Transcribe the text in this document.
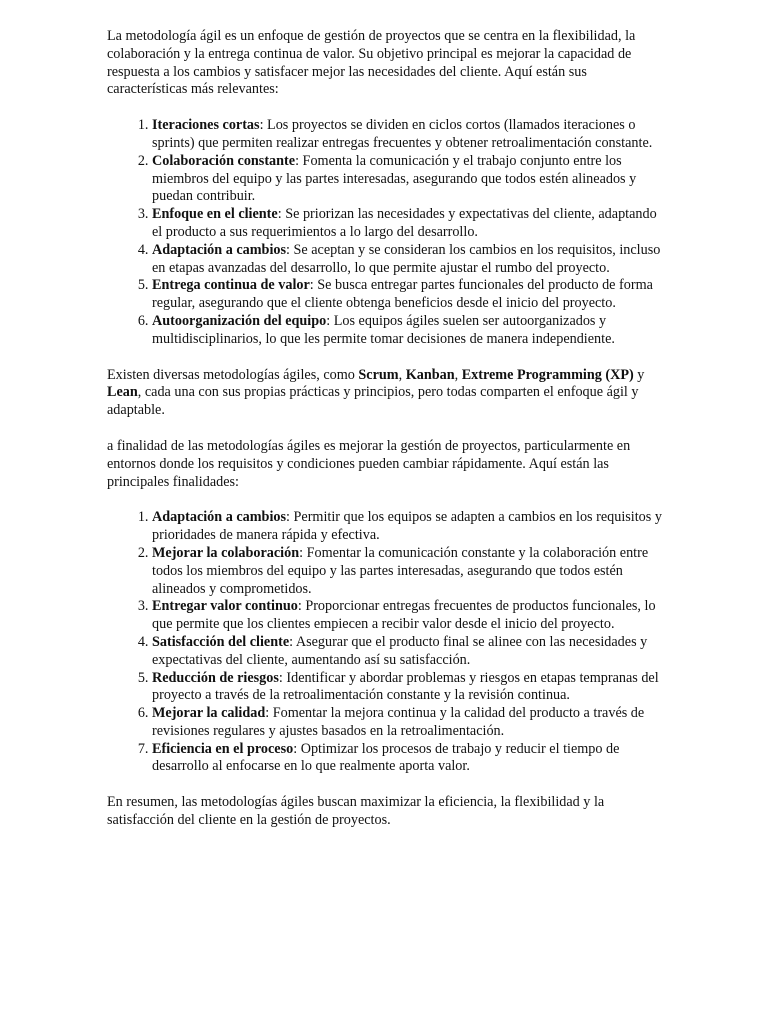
La metodología ágil es un enfoque de gestión de proyectos que se centra en la flexibilidad, la colaboración y la entrega continua de valor. Su objetivo principal es mejorar la capacidad de respuesta a los cambios y satisfacer mejor las necesidades del cliente. Aquí están sus características más relevantes:

1. Iteraciones cortas: Los proyectos se dividen en ciclos cortos (llamados iteraciones o sprints) que permiten realizar entregas frecuentes y obtener retroalimentación constante.
2. Colaboración constante: Fomenta la comunicación y el trabajo conjunto entre los miembros del equipo y las partes interesadas, asegurando que todos estén alineados y puedan contribuir.
3. Enfoque en el cliente: Se priorizan las necesidades y expectativas del cliente, adaptando el producto a sus requerimientos a lo largo del desarrollo.
4. Adaptación a cambios: Se aceptan y se consideran los cambios en los requisitos, incluso en etapas avanzadas del desarrollo, lo que permite ajustar el rumbo del proyecto.
5. Entrega continua de valor: Se busca entregar partes funcionales del producto de forma regular, asegurando que el cliente obtenga beneficios desde el inicio del proyecto.
6. Autoorganización del equipo: Los equipos ágiles suelen ser autoorganizados y multidisciplinarios, lo que les permite tomar decisiones de manera independiente.

Existen diversas metodologías ágiles, como Scrum, Kanban, Extreme Programming (XP) y Lean, cada una con sus propias prácticas y principios, pero todas comparten el enfoque ágil y adaptable.

a finalidad de las metodologías ágiles es mejorar la gestión de proyectos, particularmente en entornos donde los requisitos y condiciones pueden cambiar rápidamente. Aquí están las principales finalidades:

1. Adaptación a cambios: Permitir que los equipos se adapten a cambios en los requisitos y prioridades de manera rápida y efectiva.
2. Mejorar la colaboración: Fomentar la comunicación constante y la colaboración entre todos los miembros del equipo y las partes interesadas, asegurando que todos estén alineados y comprometidos.
3. Entregar valor continuo: Proporcionar entregas frecuentes de productos funcionales, lo que permite que los clientes empiecen a recibir valor desde el inicio del proyecto.
4. Satisfacción del cliente: Asegurar que el producto final se alinee con las necesidades y expectativas del cliente, aumentando así su satisfacción.
5. Reducción de riesgos: Identificar y abordar problemas y riesgos en etapas tempranas del proyecto a través de la retroalimentación constante y la revisión continua.
6. Mejorar la calidad: Fomentar la mejora continua y la calidad del producto a través de revisiones regulares y ajustes basados en la retroalimentación.
7. Eficiencia en el proceso: Optimizar los procesos de trabajo y reducir el tiempo de desarrollo al enfocarse en lo que realmente aporta valor.

En resumen, las metodologías ágiles buscan maximizar la eficiencia, la flexibilidad y la satisfacción del cliente en la gestión de proyectos.
